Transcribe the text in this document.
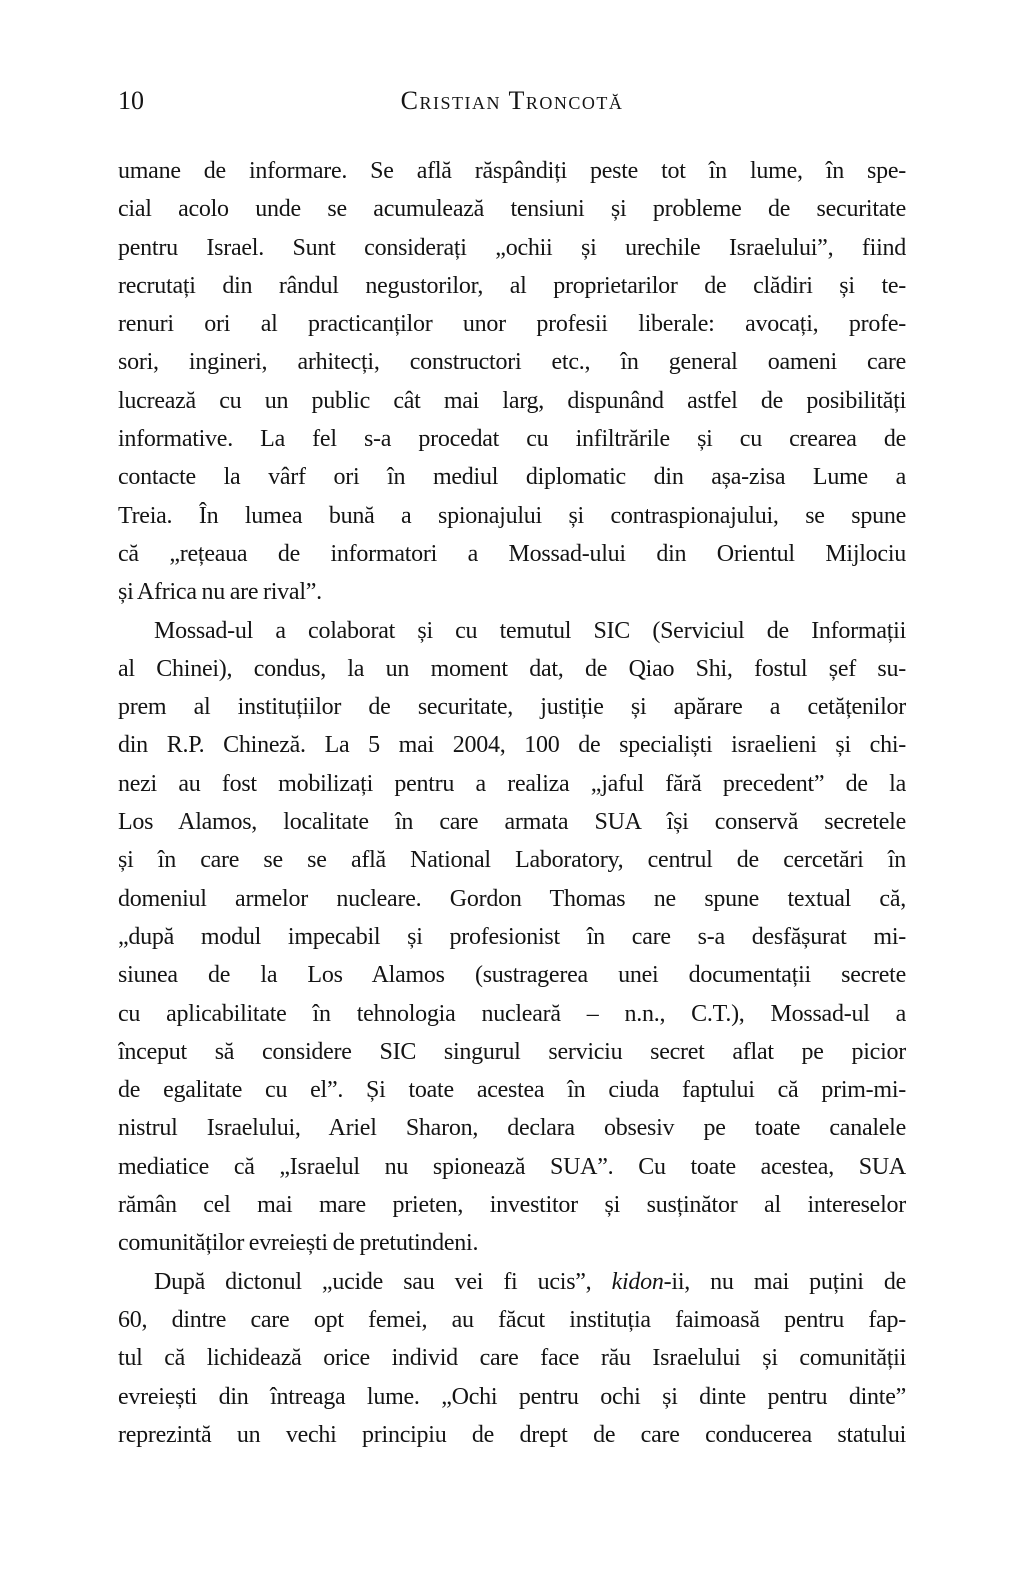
10	Cristian Troncotă
umane de informare. Se află răspândiți peste tot în lume, în spe-
cial acolo unde se acumulează tensiuni și probleme de securitate
pentru Israel. Sunt considerați „ochii și urechile Israelului”, fiind
recrutați din rândul negustorilor, al proprietarilor de clădiri și te-
renuri ori al practicanților unor profesii liberale: avocați, profe-
sori, ingineri, arhitecți, constructori etc., în general oameni care
lucrează cu un public cât mai larg, dispunând astfel de posibilități
informative. La fel s-a procedat cu infiltrările și cu crearea de
contacte la vârf ori în mediul diplomatic din așa-zisa Lume a
Treia. În lumea bună a spionajului și contraspionajului, se spune
că „rețeaua de informatori a Mossad-ului din Orientul Mijlociu
și Africa nu are rival”.
Mossad-ul a colaborat și cu temutul SIC (Serviciul de Informații
al Chinei), condus, la un moment dat, de Qiao Shi, fostul șef su-
prem al instituțiilor de securitate, justiție și apărare a cetățenilor
din R.P. Chineză. La 5 mai 2004, 100 de specialiști israelieni și chi-
nezi au fost mobilizați pentru a realiza „jaful fără precedent” de la
Los Alamos, localitate în care armata SUA își conservă secretele
și în care se se află National Laboratory, centrul de cercetări în
domeniul armelor nucleare. Gordon Thomas ne spune textual că,
„după modul impecabil și profesionist în care s-a desfășurat mi-
siunea de la Los Alamos (sustragerea unei documentații secrete
cu aplicabilitate în tehnologia nucleară – n.n., C.T.), Mossad-ul a
început să considere SIC singurul serviciu secret aflat pe picior
de egalitate cu el”. Și toate acestea în ciuda faptului că prim-mi-
nistrul Israelului, Ariel Sharon, declara obsesiv pe toate canalele
mediatice că „Israelul nu spionează SUA”. Cu toate acestea, SUA
rămân cel mai mare prieten, investitor și susținător al intereselor
comunităților evreiești de pretutindeni.
După dictonul „ucide sau vei fi ucis”, kidon-ii, nu mai puțini de
60, dintre care opt femei, au făcut instituția faimoasă pentru fap-
tul că lichidează orice individ care face rău Israelului și comunității
evreiești din întreaga lume. „Ochi pentru ochi și dinte pentru dinte”
reprezintă un vechi principiu de drept de care conducerea statului
